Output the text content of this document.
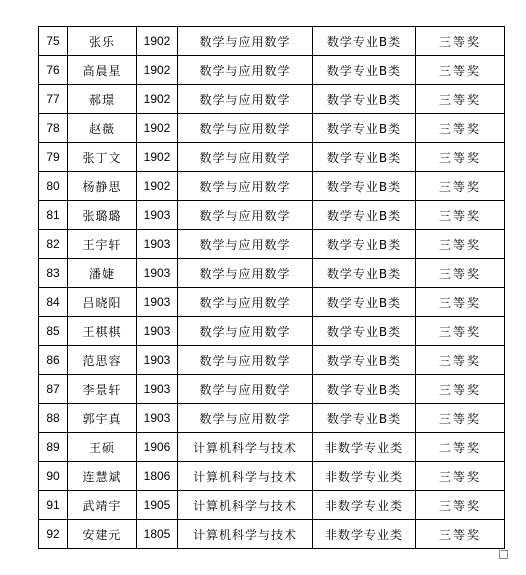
75	张乐	1902	数学与应用数学	数学专业B类	三等奖
76	高晨星	1902	数学与应用数学	数学专业B类	三等奖
77	郝璟	1902	数学与应用数学	数学专业B类	三等奖
78	赵薇	1902	数学与应用数学	数学专业B类	三等奖
79	张丁文	1902	数学与应用数学	数学专业B类	三等奖
80	杨静思	1902	数学与应用数学	数学专业B类	三等奖
81	张璐璐	1903	数学与应用数学	数学专业B类	三等奖
82	王宇轩	1903	数学与应用数学	数学专业B类	三等奖
83	潘婕	1903	数学与应用数学	数学专业B类	三等奖
84	吕晓阳	1903	数学与应用数学	数学专业B类	三等奖
85	王棋棋	1903	数学与应用数学	数学专业B类	三等奖
86	范思容	1903	数学与应用数学	数学专业B类	三等奖
87	李景轩	1903	数学与应用数学	数学专业B类	三等奖
88	郭宇真	1903	数学与应用数学	数学专业B类	三等奖
89	王硕	1906	计算机科学与技术	非数学专业类	二等奖
90	连慧斌	1806	计算机科学与技术	非数学专业类	三等奖
91	武靖宇	1905	计算机科学与技术	非数学专业类	三等奖
92	安建元	1805	计算机科学与技术	非数学专业类	三等奖
